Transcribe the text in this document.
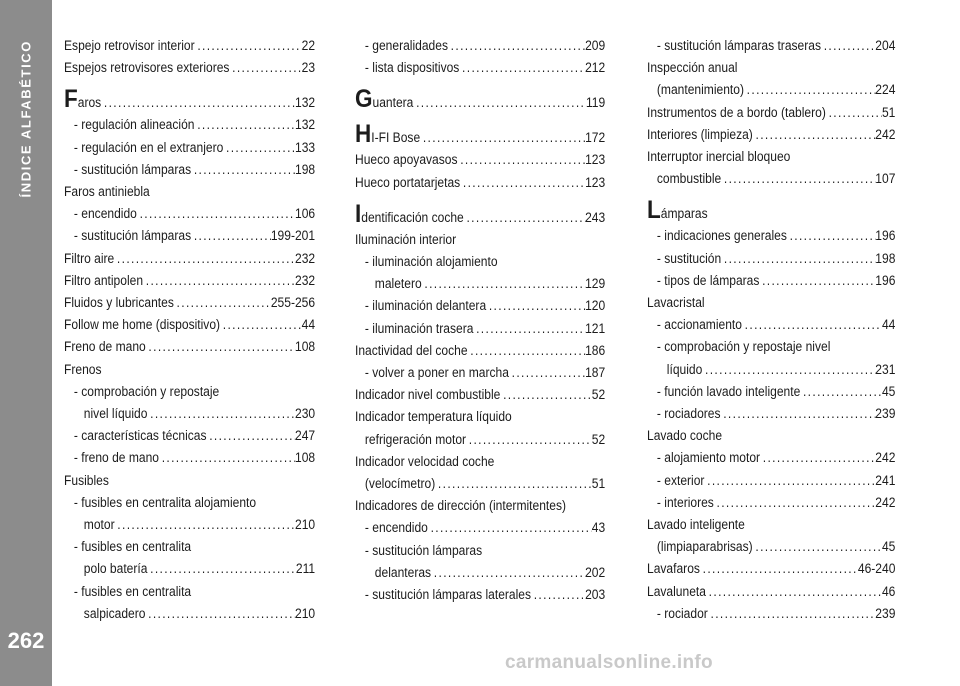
ÍNDICE ALFABÉTICO
262
Espejo retrovisor interior .....	22
Espejos retrovisores exteriores .....	23
Faros .....	132
- regulación alineación .....	132
- regulación en el extranjero .....	133
- sustitución lámparas .....	198
Faros antiniebla
- encendido .....	106
- sustitución lámparas .....	199-201
Filtro aire .....	232
Filtro antipolen .....	232
Fluidos y lubricantes .....	255-256
Follow me home (dispositivo) .....	44
Freno de mano .....	108
Frenos
- comprobación y repostaje
nivel líquido .....	230
- características técnicas .....	247
- freno de mano .....	108
Fusibles
- fusibles en centralita alojamiento
motor .....	210
- fusibles en centralita
polo batería .....	211
- fusibles en centralita
salpicadero .....	210
- generalidades .....	209
- lista dispositivos .....	212
Guantera .....	119
HI-FI Bose .....	172
Hueco apoyavasos .....	123
Hueco portatarjetas .....	123
Identificación coche .....	243
Iluminación interior
- iluminación alojamiento
maletero .....	129
- iluminación delantera .....	120
- iluminación trasera .....	121
Inactividad del coche .....	186
- volver a poner en marcha .....	187
Indicador nivel combustible .....	52
Indicador temperatura líquido
refrigeración motor .....	52
Indicador velocidad coche
(velocímetro) .....	51
Indicadores de dirección (intermitentes)
- encendido .....	43
- sustitución lámparas
delanteras .....	202
- sustitución lámparas laterales .....	203
- sustitución lámparas traseras .....	204
Inspección anual
(mantenimiento) .....	224
Instrumentos de a bordo (tablero) .....	51
Interiores (limpieza) .....	242
Interruptor inercial bloqueo
combustible .....	107
Lámparas
- indicaciones generales .....	196
- sustitución .....	198
- tipos de lámparas .....	196
Lavacristal
- accionamiento .....	44
- comprobación y repostaje nivel
líquido .....	231
- función lavado inteligente .....	45
- rociadores .....	239
Lavado coche
- alojamiento motor .....	242
- exterior .....	241
- interiores .....	242
Lavado inteligente
(limpiaparabrisas) .....	45
Lavafaros .....	46-240
Lavaluneta .....	46
- rociador .....	239
carmanualsonline.info
